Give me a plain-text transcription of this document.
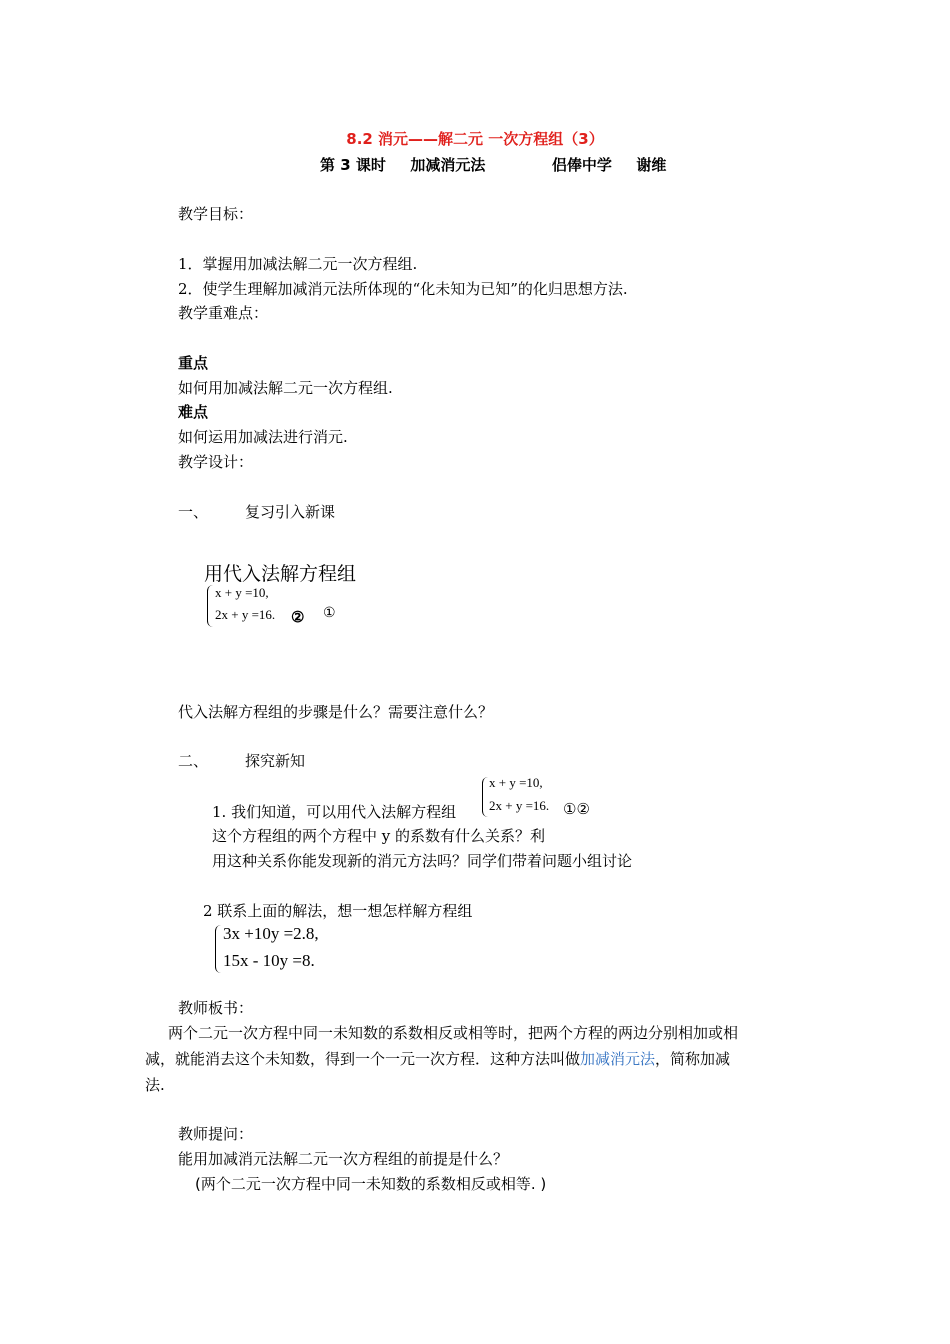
8.2 消元——解二元 一次方程组（3）
第 3 课时 加减消元法	侣俸中学 谢维
教学目标：
1．掌握用加减法解二元一次方程组.
2．使学生理解加减消元法所体现的“化未知为已知”的化归思想方法.
教学重难点：
重点
如何用加减法解二元一次方程组.
难点
如何运用加减法进行消元.
教学设计：
一、 复习引入新课
用代入法解方程组
x + y =10,
2x + y =16. ② ①
代入法解方程组的步骤是什么？需要注意什么？
二、 探究新知
x + y =10,
2x + y =16. ①②
1. 我们知道，可以用代入法解方程组
这个方程组的两个方程中 y 的系数有什么关系？利
用这种关系你能发现新的消元方法吗？同学们带着问题小组讨论
2 联系上面的解法，想一想怎样解方程组
3x +10y =2.8,
15x - 10y =8.
教师板书：
两个二元一次方程中同一未知数的系数相反或相等时，把两个方程的两边分别相加或相
减，就能消去这个未知数，得到一个一元一次方程．这种方法叫做加减消元法，简称加减
法.
教师提问：
能用加减消元法解二元一次方程组的前提是什么？
(两个二元一次方程中同一未知数的系数相反或相等. )
